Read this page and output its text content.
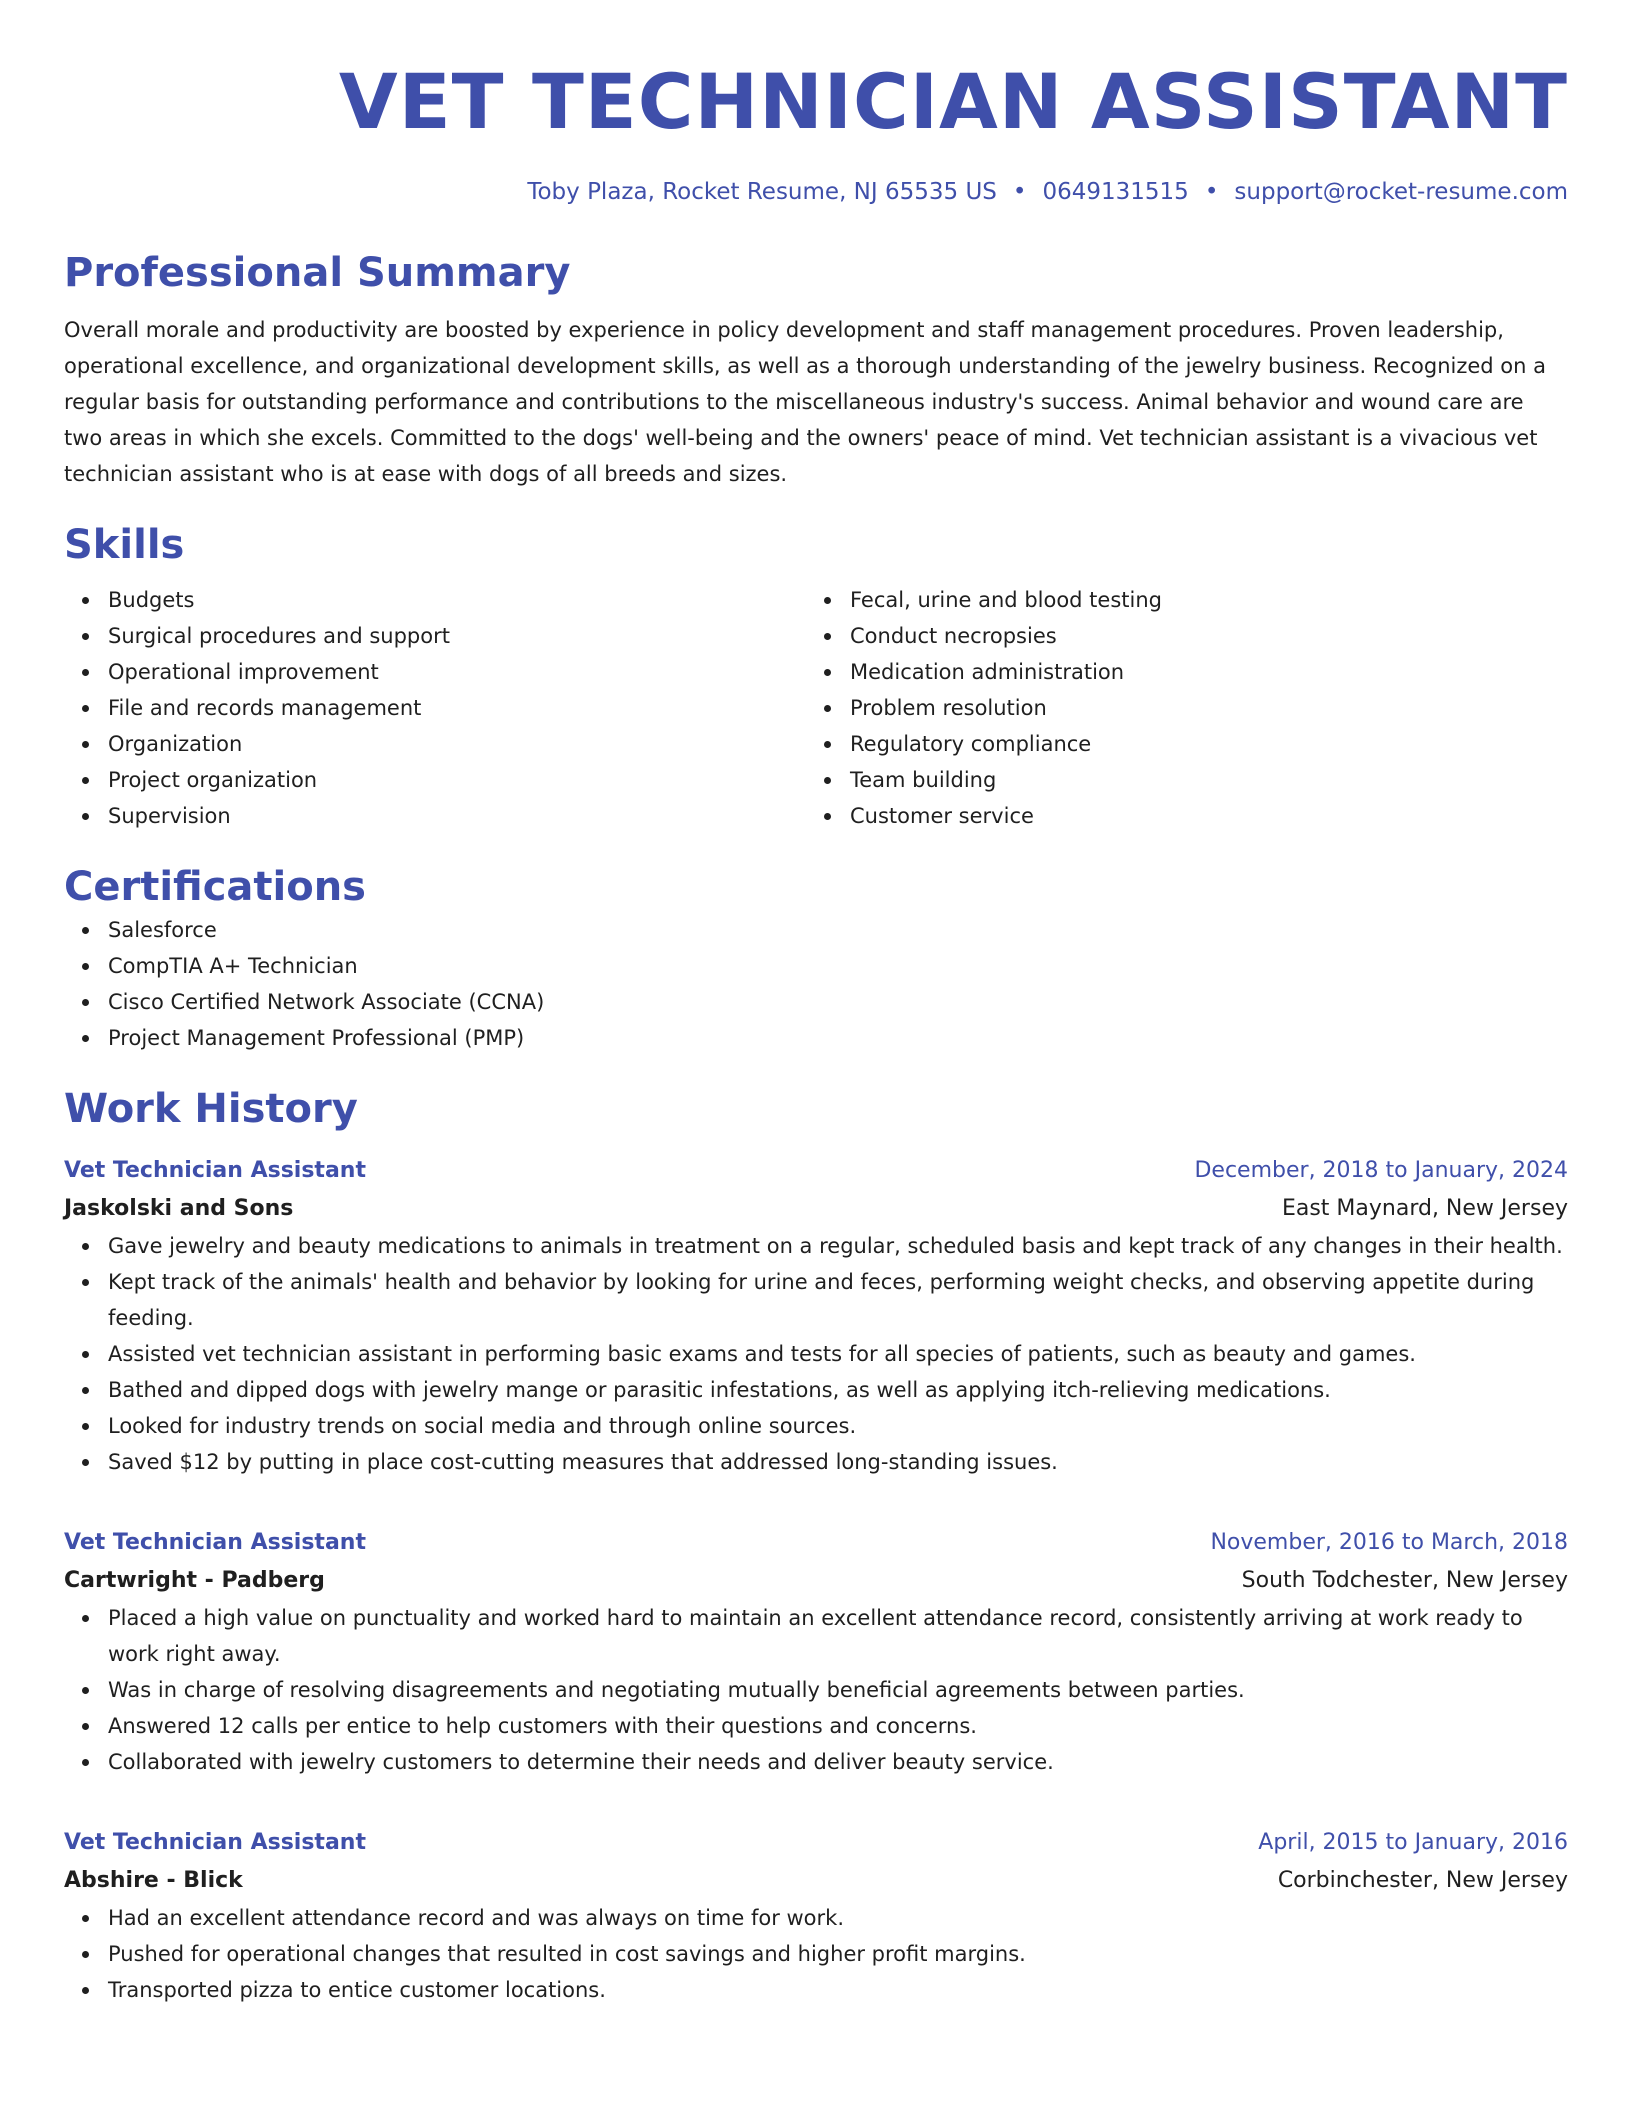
VET TECHNICIAN ASSISTANT
Toby Plaza, Rocket Resume, NJ 65535 US • 0649131515 • support@rocket-resume.com
Professional Summary

Overall morale and productivity are boosted by experience in policy development and staff management procedures. Proven leadership, operational excellence, and organizational development skills, as well as a thorough understanding of the jewelry business. Recognized on a regular basis for outstanding performance and contributions to the miscellaneous industry's success. Animal behavior and wound care are two areas in which she excels. Committed to the dogs' well-being and the owners' peace of mind. Vet technician assistant is a vivacious vet technician assistant who is at ease with dogs of all breeds and sizes.

Skills
Budgets
Surgical procedures and support
Operational improvement
File and records management
Organization
Project organization
Supervision
Fecal, urine and blood testing
Conduct necropsies
Medication administration
Problem resolution
Regulatory compliance
Team building
Customer service
Certifications
Salesforce
CompTIA A+ Technician
Cisco Certified Network Associate (CCNA)
Project Management Professional (PMP)
Work History
Vet Technician Assistant	December, 2018 to January, 2024
Jaskolski and Sons	East Maynard, New Jersey
Gave jewelry and beauty medications to animals in treatment on a regular, scheduled basis and kept track of any changes in their health.
Kept track of the animals' health and behavior by looking for urine and feces, performing weight checks, and observing appetite during feeding.
Assisted vet technician assistant in performing basic exams and tests for all species of patients, such as beauty and games.
Bathed and dipped dogs with jewelry mange or parasitic infestations, as well as applying itch-relieving medications.
Looked for industry trends on social media and through online sources.
Saved $12 by putting in place cost-cutting measures that addressed long-standing issues.
Vet Technician Assistant	November, 2016 to March, 2018
Cartwright - Padberg	South Todchester, New Jersey
Placed a high value on punctuality and worked hard to maintain an excellent attendance record, consistently arriving at work ready to work right away.
Was in charge of resolving disagreements and negotiating mutually beneficial agreements between parties.
Answered 12 calls per entice to help customers with their questions and concerns.
Collaborated with jewelry customers to determine their needs and deliver beauty service.
Vet Technician Assistant	April, 2015 to January, 2016
Abshire - Blick	Corbinchester, New Jersey
Had an excellent attendance record and was always on time for work.
Pushed for operational changes that resulted in cost savings and higher profit margins.
Transported pizza to entice customer locations.
